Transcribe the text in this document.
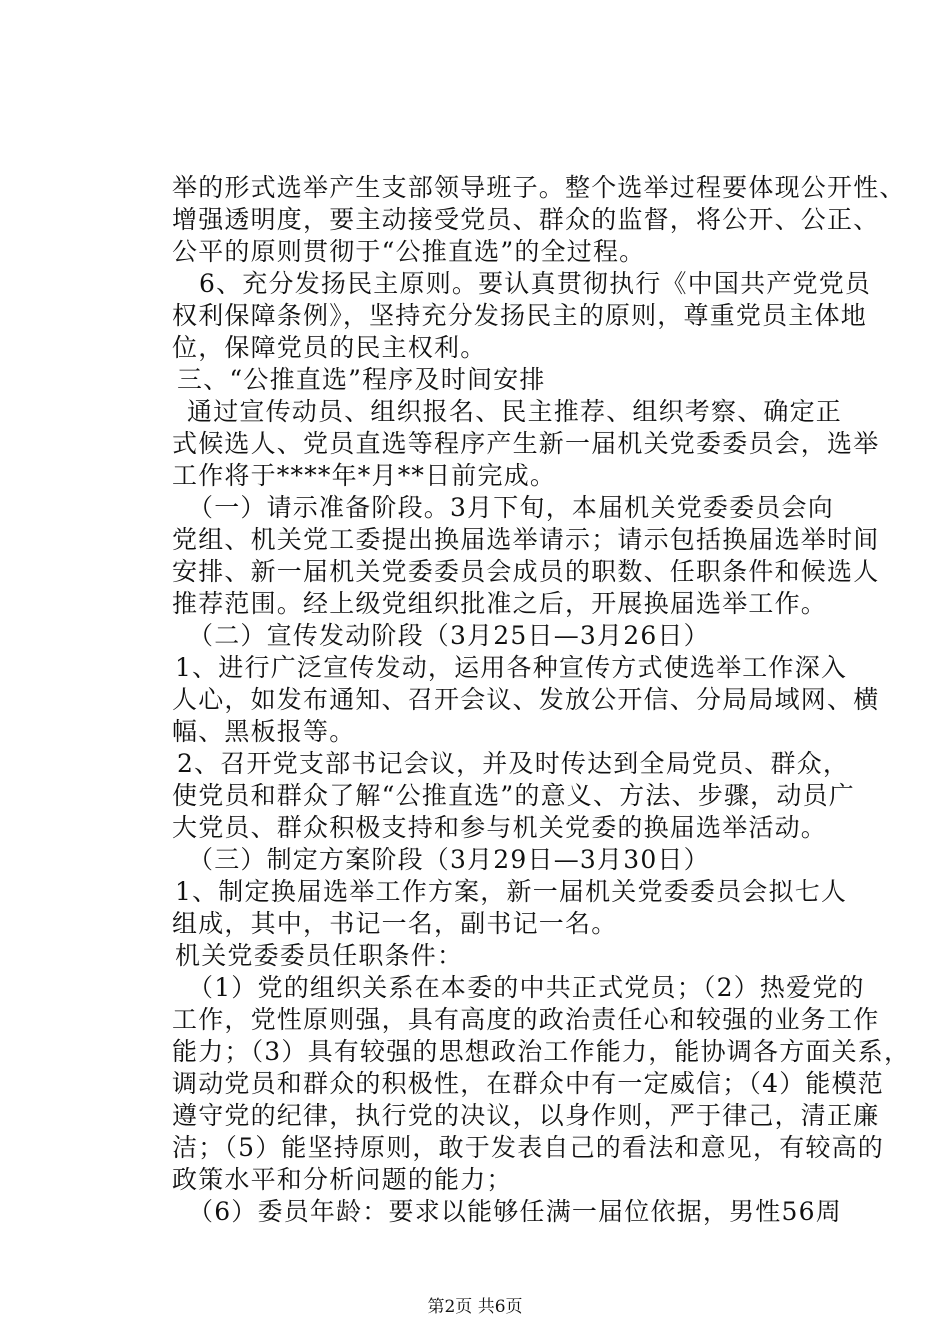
举的形式选举产生支部领导班子。整个选举过程要体现公开性、
增强透明度，要主动接受党员、群众的监督，将公开、公正、
公平的原则贯彻于“公推直选”的全过程。
6、充分发扬民主原则。要认真贯彻执行《中国共产党党员
权利保障条例》，坚持充分发扬民主的原则，尊重党员主体地
位，保障党员的民主权利。
三、“公推直选”程序及时间安排
通过宣传动员、组织报名、民主推荐、组织考察、确定正
式候选人、党员直选等程序产生新一届机关党委委员会，选举
工作将于****年*月**日前完成。
（一）请示准备阶段。3月下旬，本届机关党委委员会向
党组、机关党工委提出换届选举请示；请示包括换届选举时间
安排、新一届机关党委委员会成员的职数、任职条件和候选人
推荐范围。经上级党组织批准之后，开展换届选举工作。
（二）宣传发动阶段（3月25日—3月26日）
1、进行广泛宣传发动，运用各种宣传方式使选举工作深入
人心，如发布通知、召开会议、发放公开信、分局局域网、横
幅、黑板报等。
2、召开党支部书记会议，并及时传达到全局党员、群众，
使党员和群众了解“公推直选”的意义、方法、步骤，动员广
大党员、群众积极支持和参与机关党委的换届选举活动。
（三）制定方案阶段（3月29日—3月30日）
1、制定换届选举工作方案，新一届机关党委委员会拟七人
组成，其中，书记一名，副书记一名。
机关党委委员任职条件：
（1）党的组织关系在本委的中共正式党员；（2）热爱党的
工作，党性原则强，具有高度的政治责任心和较强的业务工作
能力；（3）具有较强的思想政治工作能力，能协调各方面关系，
调动党员和群众的积极性，在群众中有一定威信；（4）能模范
遵守党的纪律，执行党的决议，以身作则，严于律己，清正廉
洁；（5）能坚持原则，敢于发表自己的看法和意见，有较高的
政策水平和分析问题的能力；
（6）委员年龄：要求以能够任满一届位依据，男性56周
第2页 共6页
